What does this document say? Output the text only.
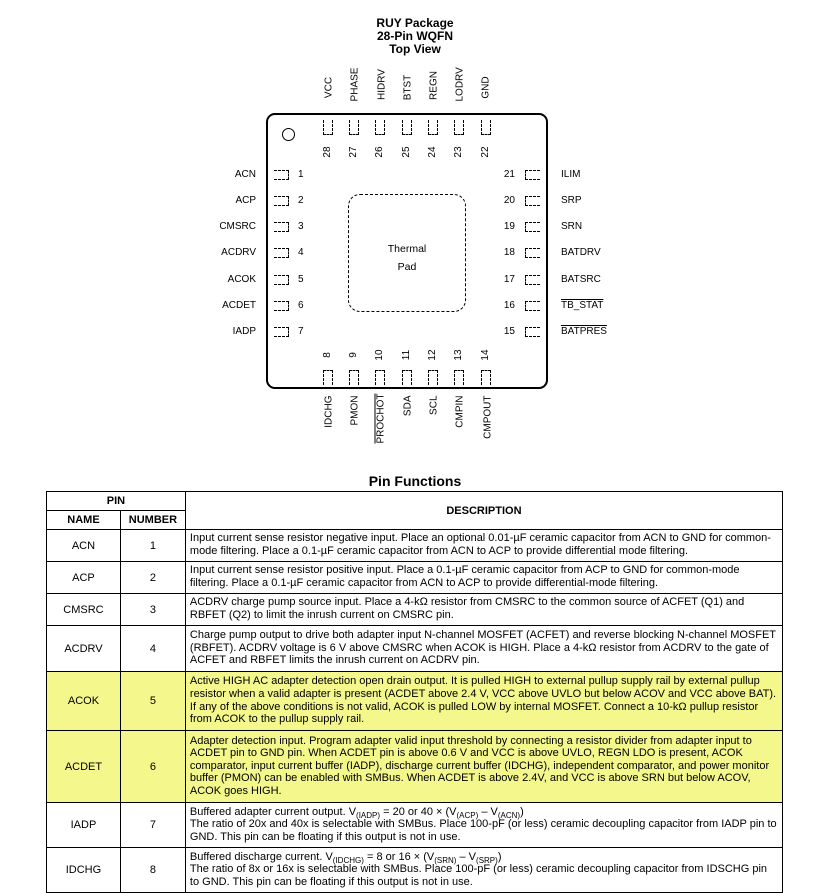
RUY Package
28-Pin WQFN
Top View
Thermal
Pad
VCC PHASE HIDRV BTST REGN LODRV GND
28 27 26 25 24 23 22
ACN
ACP
CMSRC
ACDRV
ACOK
ACDET
IADP
1
2
3
4
5
6
7
21
20
19
18
17
16
15
ILIM
SRP
SRN
BATDRV
BATSRC
TB_STAT
BATPRES
8 9 10 11 12 13 14
IDCHG PMON PROCHOT SDA SCL CMPIN CMPOUT
Pin Functions
PIN		DESCRIPTION
NAME	NUMBER	
ACN	1	Input current sense resistor negative input. Place an optional 0.01-µF ceramic capacitor from ACN to GND for common-mode filtering. Place a 0.1-µF ceramic capacitor from ACN to ACP to provide differential mode filtering.
ACP	2	Input current sense resistor positive input. Place a 0.1-µF ceramic capacitor from ACP to GND for common-mode filtering. Place a 0.1-µF ceramic capacitor from ACN to ACP to provide differential-mode filtering.
CMSRC	3	ACDRV charge pump source input. Place a 4-kΩ resistor from CMSRC to the common source of ACFET (Q1) and RBFET (Q2) to limit the inrush current on CMSRC pin.
ACDRV	4	Charge pump output to drive both adapter input N-channel MOSFET (ACFET) and reverse blocking N-channel MOSFET (RBFET). ACDRV voltage is 6 V above CMSRC when ACOK is HIGH. Place a 4-kΩ resistor from ACDRV to the gate of ACFET and RBFET limits the inrush current on ACDRV pin.
ACOK	5	Active HIGH AC adapter detection open drain output. It is pulled HIGH to external pullup supply rail by external pullup resistor when a valid adapter is present (ACDET above 2.4 V, VCC above UVLO but below ACOV and VCC above BAT). If any of the above conditions is not valid, ACOK is pulled LOW by internal MOSFET. Connect a 10-kΩ pullup resistor from ACOK to the pullup supply rail.
ACDET	6	Adapter detection input. Program adapter valid input threshold by connecting a resistor divider from adapter input to ACDET pin to GND pin. When ACDET pin is above 0.6 V and VCC is above UVLO, REGN LDO is present, ACOK comparator, input current buffer (IADP), discharge current buffer (IDCHG), independent comparator, and power monitor buffer (PMON) can be enabled with SMBus. When ACDET is above 2.4V, and VCC is above SRN but below ACOV, ACOK goes HIGH.
IADP	7	Buffered adapter current output. $V_{(IADP)} = 20$ or $40 \times (V_{(ACP)} - V_{(ACN)})$
The ratio of 20x and 40x is selectable with SMBus. Place 100-pF (or less) ceramic decoupling capacitor from IADP pin to GND. This pin can be floating if this output is not in use.
IDCHG	8	Buffered discharge current. $V_{(IDCHG)} = 8$ or $16 \times (V_{(SRN)} - V_{(SRP)})$
The ratio of 8x or 16x is selectable with SMBus. Place 100-pF (or less) ceramic decoupling capacitor from IDSCHG pin to GND. This pin can be floating if this output is not in use.
